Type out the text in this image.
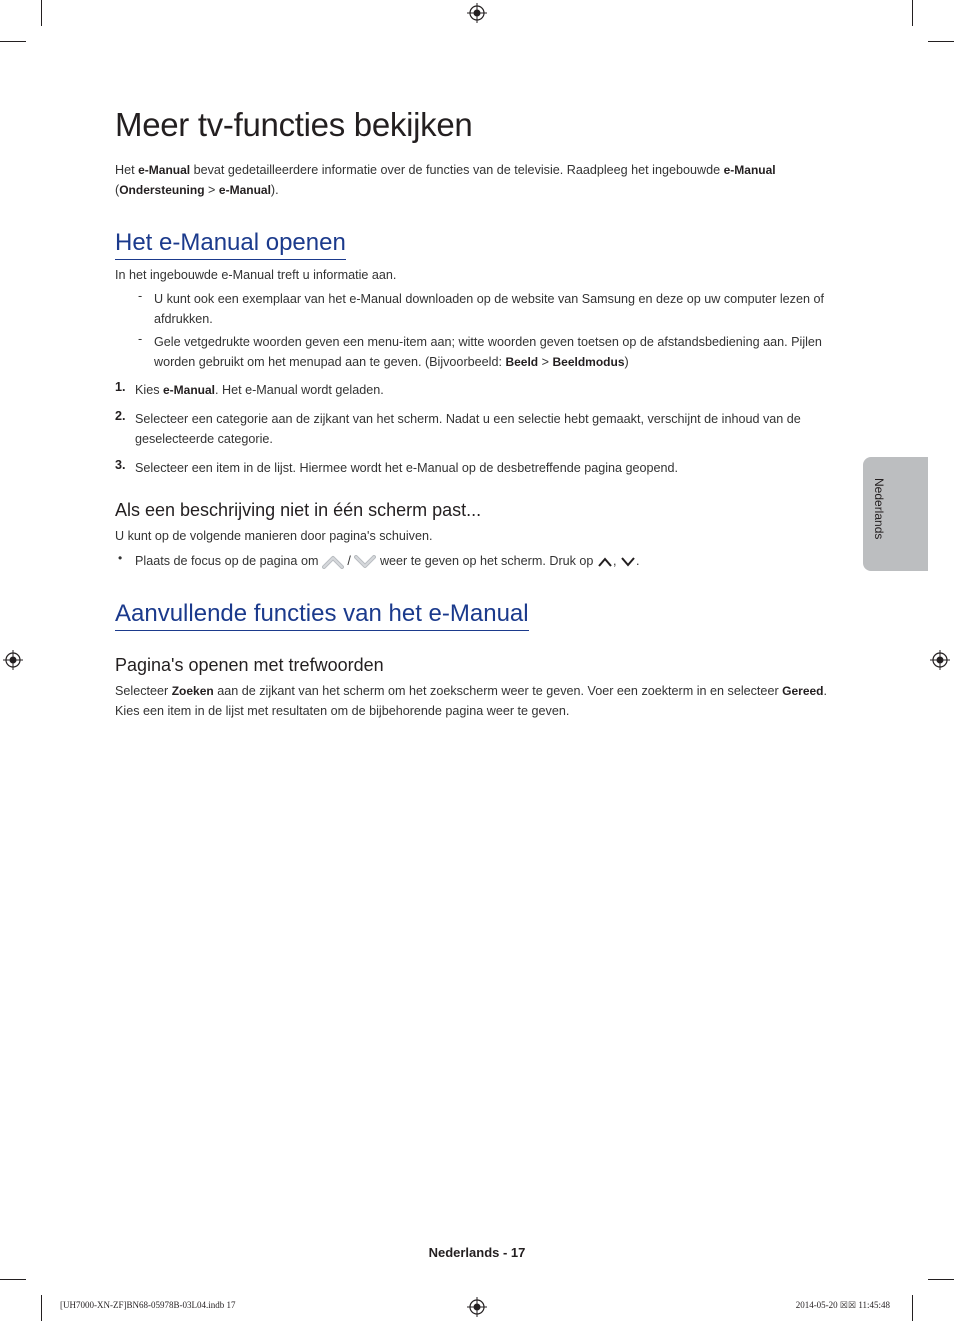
Meer tv-functies bekijken
Het e-Manual bevat gedetailleerdere informatie over de functies van de televisie. Raadpleeg het ingebouwde e-Manual
(Ondersteuning > e-Manual).
Het e-Manual openen
In het ingebouwde e-Manual treft u informatie aan.
- U kunt ook een exemplaar van het e-Manual downloaden op de website van Samsung en deze op uw computer lezen of afdrukken.
- Gele vetgedrukte woorden geven een menu-item aan; witte woorden geven toetsen op de afstandsbediening aan. Pijlen worden gebruikt om het menupad aan te geven. (Bijvoorbeeld: Beeld > Beeldmodus)
1. Kies e-Manual. Het e-Manual wordt geladen.
2. Selecteer een categorie aan de zijkant van het scherm. Nadat u een selectie hebt gemaakt, verschijnt de inhoud van de geselecteerde categorie.
3. Selecteer een item in de lijst. Hiermee wordt het e-Manual op de desbetreffende pagina geopend.
Als een beschrijving niet in één scherm past...
U kunt op de volgende manieren door pagina's schuiven.
• Plaats de focus op de pagina om  /  weer te geven op het scherm. Druk op , .
Aanvullende functies van het e-Manual
Pagina's openen met trefwoorden
Selecteer Zoeken aan de zijkant van het scherm om het zoekscherm weer te geven. Voer een zoekterm in en selecteer Gereed.
Kies een item in de lijst met resultaten om de bijbehorende pagina weer te geven.
Nederlands
Nederlands - 17
[UH7000-XN-ZF]BN68-05978B-03L04.indb 17	2014-05-20 ☒☒ 11:45:48
